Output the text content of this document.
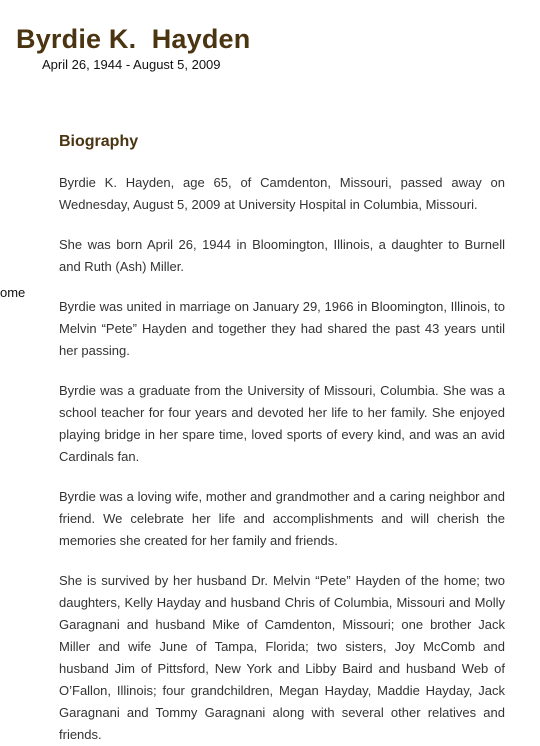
Byrdie K.  Hayden
April 26, 1944 - August 5, 2009
ome
Biography

Byrdie K. Hayden, age 65, of Camdenton, Missouri, passed away on Wednesday, August 5, 2009 at University Hospital in Columbia, Missouri.

She was born April 26, 1944 in Bloomington, Illinois, a daughter to Burnell and Ruth (Ash) Miller.

Byrdie was united in marriage on January 29, 1966 in Bloomington, Illinois, to Melvin “Pete” Hayden and together they had shared the past 43 years until her passing.

Byrdie was a graduate from the University of Missouri, Columbia. She was a school teacher for four years and devoted her life to her family. She enjoyed playing bridge in her spare time, loved sports of every kind, and was an avid Cardinals fan.

Byrdie was a loving wife, mother and grandmother and a caring neighbor and friend. We celebrate her life and accomplishments and will cherish the memories she created for her family and friends.

She is survived by her husband Dr. Melvin “Pete” Hayden of the home; two daughters, Kelly Hayday and husband Chris of Columbia, Missouri and Molly Garagnani and husband Mike of Camdenton, Missouri; one brother Jack Miller and wife June of Tampa, Florida; two sisters, Joy McComb and husband Jim of Pittsford, New York and Libby Baird and husband Web of O’Fallon, Illinois; four grandchildren, Megan Hayday, Maddie Hayday, Jack Garagnani and Tommy Garagnani along with several other relatives and friends.
